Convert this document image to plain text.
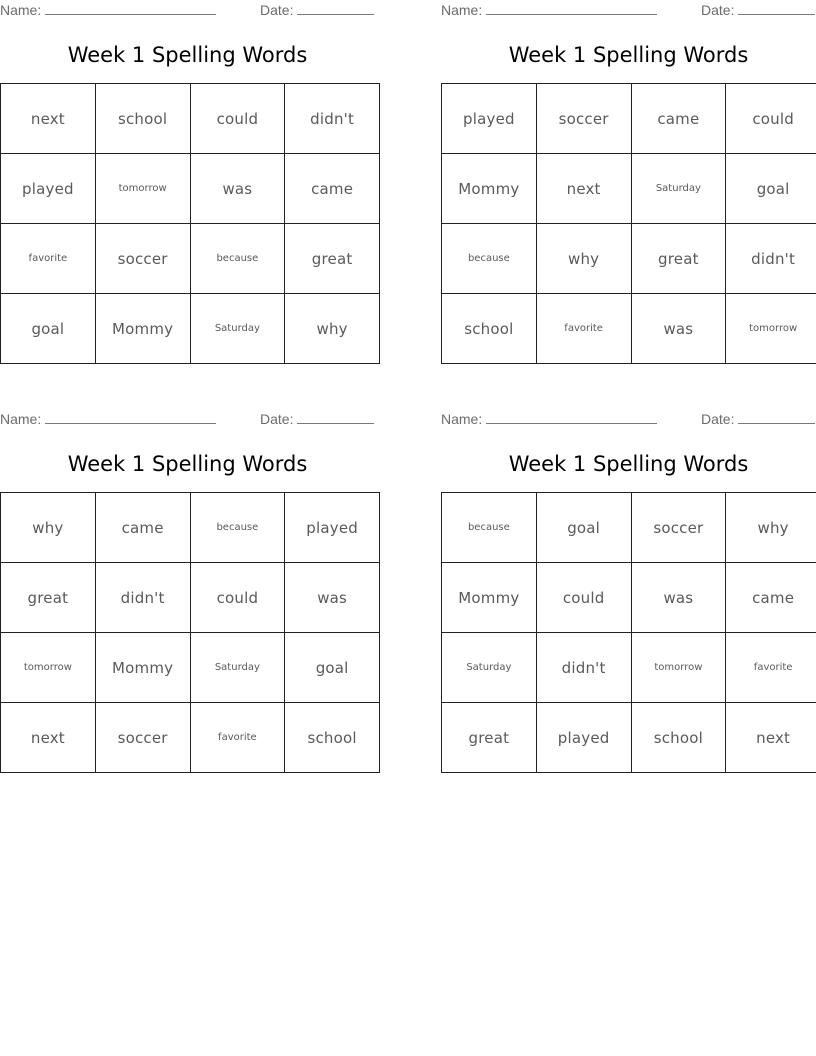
Name:	Date:
Week 1 Spelling Words
next	school	could	didn't
played	tomorrow	was	came
favorite	soccer	because	great
goal	Mommy	Saturday	why
Name:	Date:
Week 1 Spelling Words
played	soccer	came	could
Mommy	next	Saturday	goal
because	why	great	didn't
school	favorite	was	tomorrow
Name:	Date:
Week 1 Spelling Words
why	came	because	played
great	didn't	could	was
tomorrow	Mommy	Saturday	goal
next	soccer	favorite	school
Name:	Date:
Week 1 Spelling Words
because	goal	soccer	why
Mommy	could	was	came
Saturday	didn't	tomorrow	favorite
great	played	school	next
